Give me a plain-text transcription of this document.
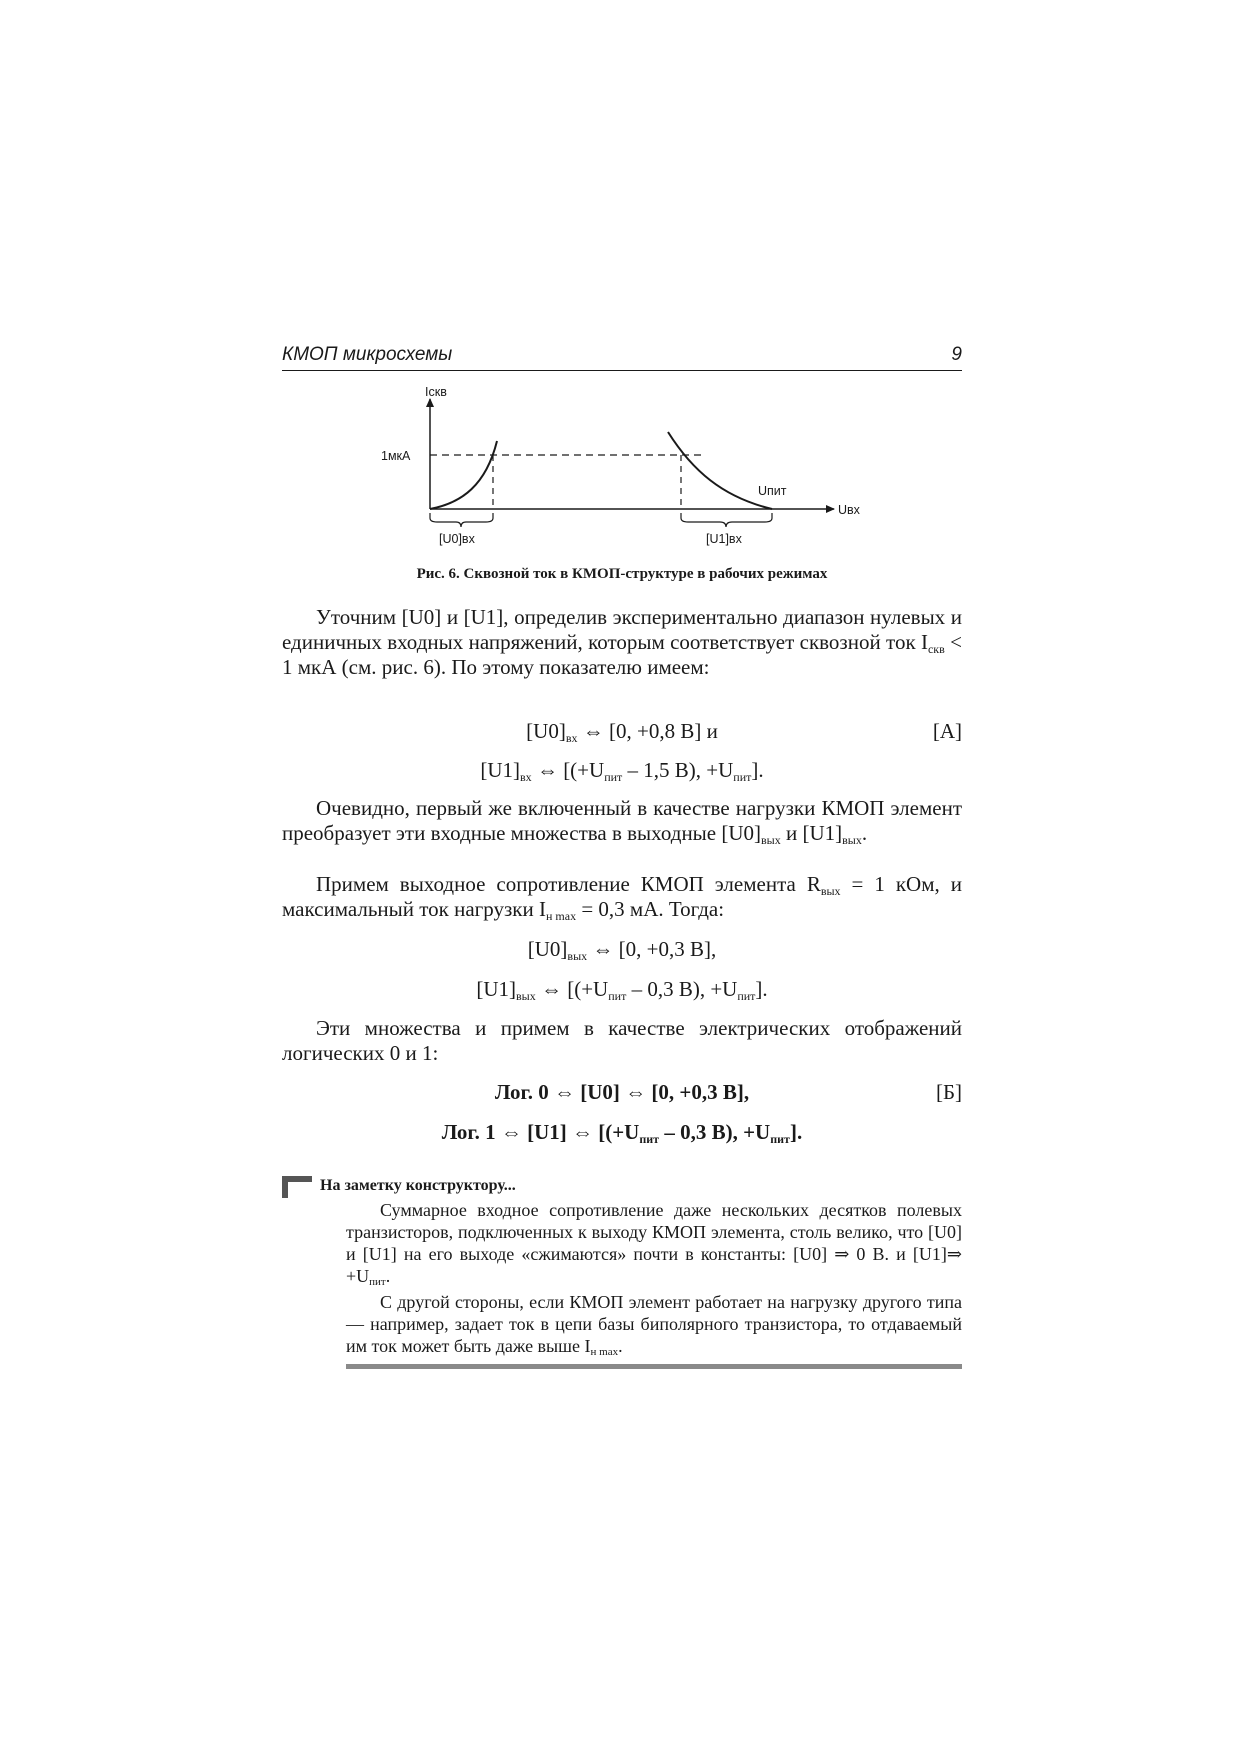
КМОП микросхемы	9
Iскв
1мкА
Uпит
Uвх
[U0]вх	[U1]вх
Рис. 6. Сквозной ток в КМОП-структуре в рабочих режимах
Уточним [U0] и [U1], определив экспериментально диапазон нулевых и единичных входных напряжений, которым соответствует сквозной ток $I_{скв} < 1$ мкА (см. рис. 6). По этому показателю имеем:
$[U0]_{вх}$ ⇔ [0, +0,8 В] и	[А]
$[U1]_{вх}$ ⇔ [($+U_{пит} - 1,5$ В), $+U_{пит}$].
Очевидно, первый же включенный в качестве нагрузки КМОП элемент преобразует эти входные множества в выходные $[U0]_{вых}$ и $[U1]_{вых}$.
Примем выходное сопротивление КМОП элемента $R_{вых} = 1$ кОм, и максимальный ток нагрузки $I_{н max} = 0,3$ мА. Тогда:
$[U0]_{вых}$ ⇔ [0, +0,3 В],
$[U1]_{вых}$ ⇔ [($+U_{пит} - 0,3$ В), $+U_{пит}$].
Эти множества и примем в качестве электрических отображений логических 0 и 1:
Лог. 0 ⇔ [U0] ⇔ [0, +0,3 В],	[Б]
Лог. 1 ⇔ [U1] ⇔ [($+U_{пит} - 0,3$ В), $+U_{пит}$].
На заметку конструктору...
Суммарное входное сопротивление даже нескольких десятков полевых транзисторов, подключенных к выходу КМОП элемента, столь велико, что [U0] и [U1] на его выходе «сжимаются» почти в константы: [U0] ⇒ 0 В. и [U1]⇒ $+U_{пит}$.
С другой стороны, если КМОП элемент работает на нагрузку другого типа — например, задает ток в цепи базы биполярного транзистора, то отдаваемый им ток может быть даже выше $I_{н max}$.
